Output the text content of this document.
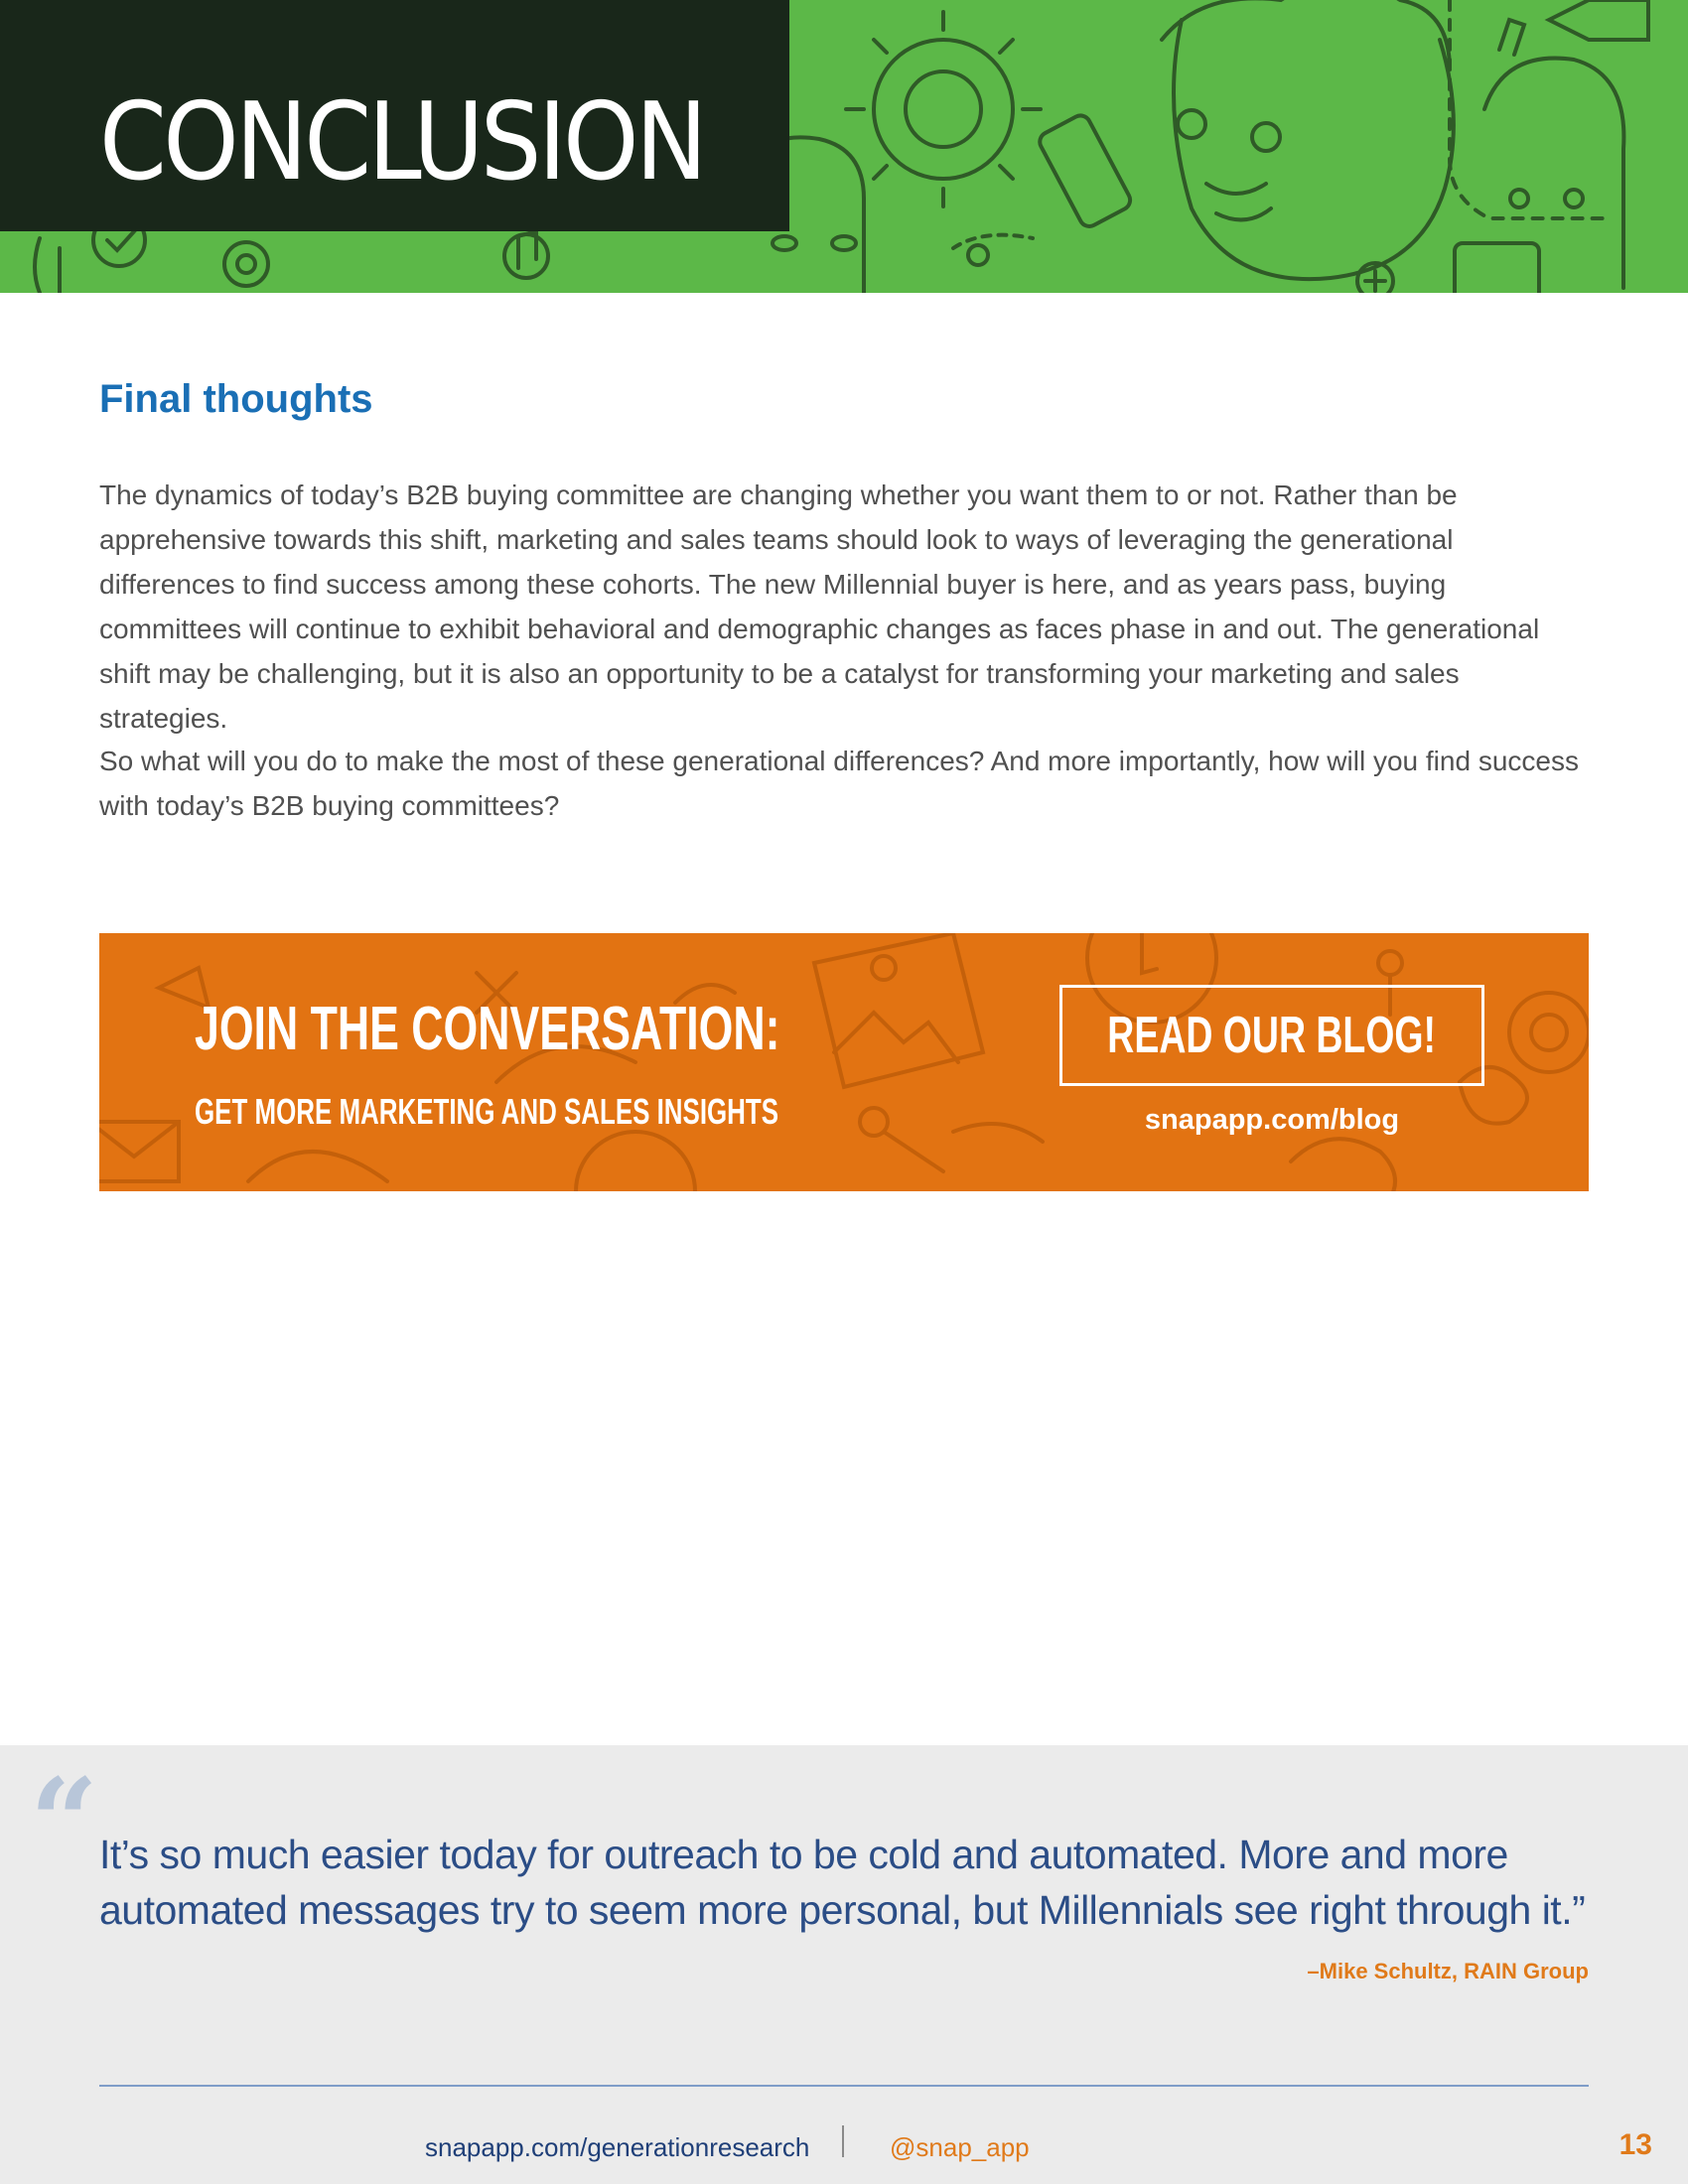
CONCLUSION
Final thoughts

The dynamics of today’s B2B buying committee are changing whether you want them to or not. Rather than be apprehensive towards this shift, marketing and sales teams should look to ways of leveraging the generational differences to find success among these cohorts. The new Millennial buyer is here, and as years pass, buying committees will continue to exhibit behavioral and demographic changes as faces phase in and out. The generational shift may be challenging, but it is also an opportunity to be a catalyst for transforming your marketing and sales strategies.

So what will you do to make the most of these generational differences? And more importantly, how will you find success with today’s B2B buying committees?

JOIN THE CONVERSATION:
GET MORE MARKETING AND SALES INSIGHTS
READ OUR BLOG!
snapapp.com/blog
“ It’s so much easier today for outreach to be cold and automated. More and more automated messages try to seem more personal, but Millennials see right through it.”

–Mike Schultz, RAIN Group
snapapp.com/generationresearch	@snap_app	13
